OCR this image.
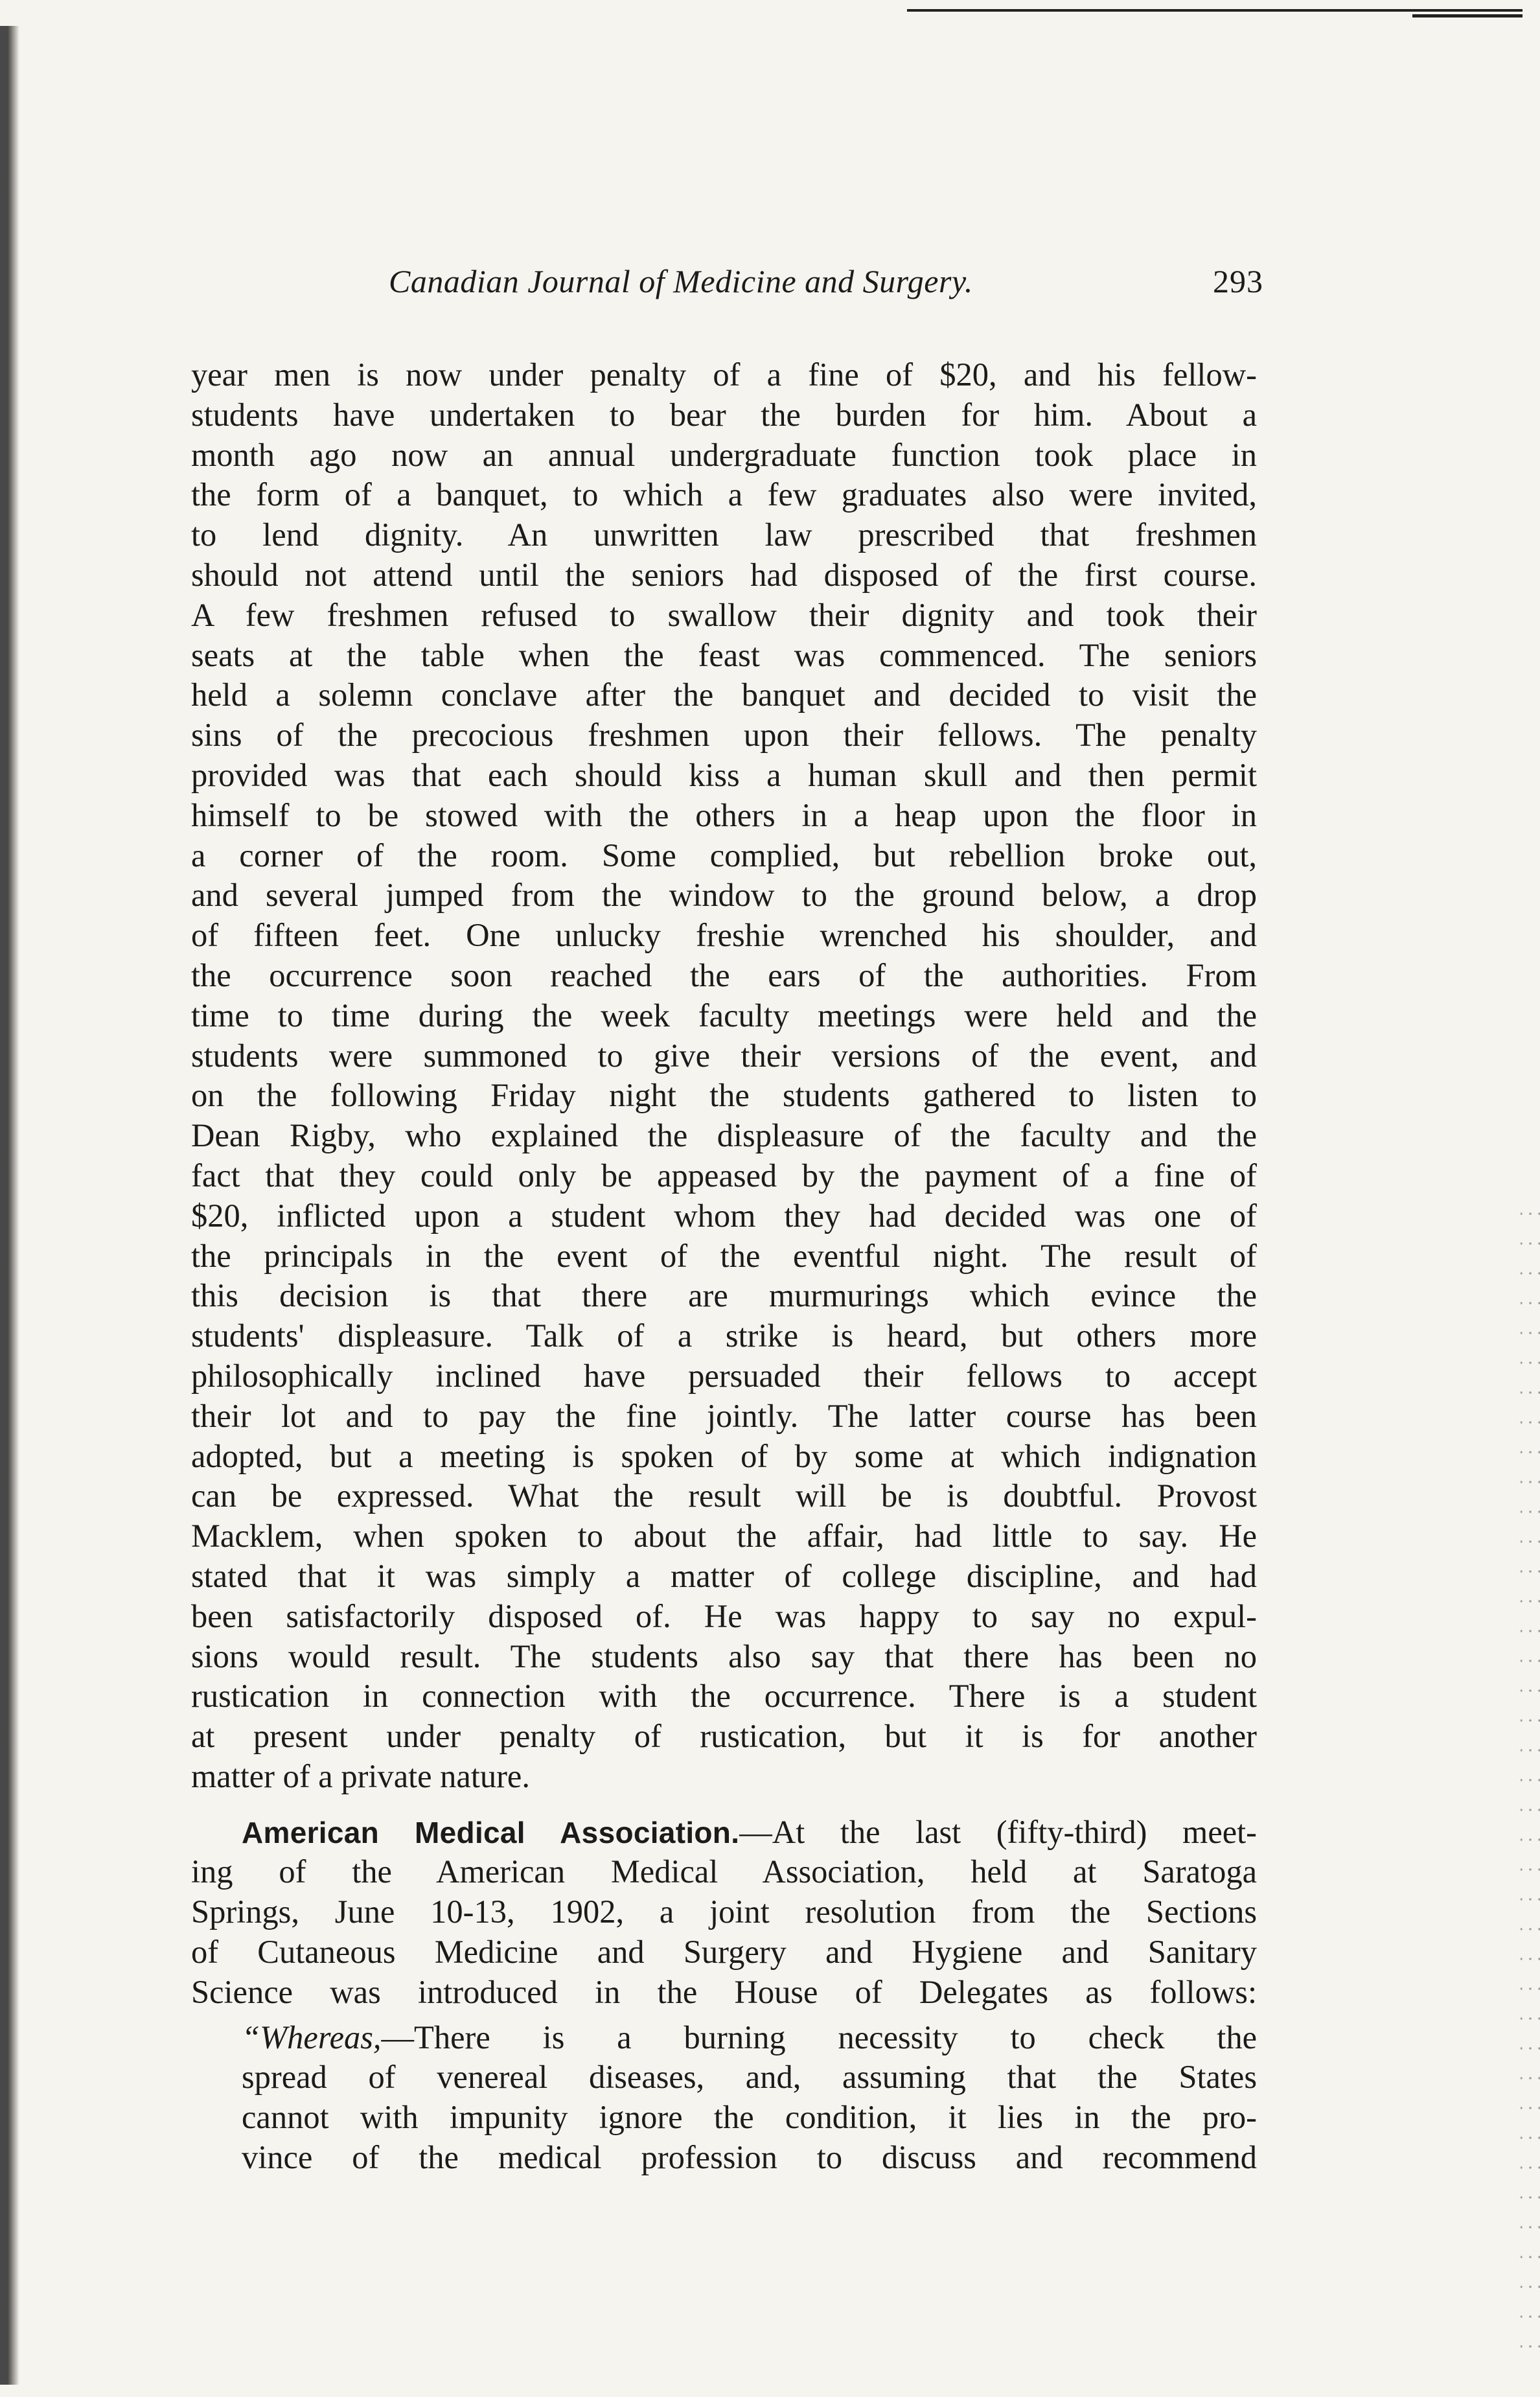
Canadian Journal of Medicine and Surgery.	293
year men is now under penalty of a fine of $20, and his fellow-
students have undertaken to bear the burden for him. About a
month ago now an annual undergraduate function took place in
the form of a banquet, to which a few graduates also were invited,
to lend dignity. An unwritten law prescribed that freshmen
should not attend until the seniors had disposed of the first course.
A few freshmen refused to swallow their dignity and took their
seats at the table when the feast was commenced. The seniors
held a solemn conclave after the banquet and decided to visit the
sins of the precocious freshmen upon their fellows. The penalty
provided was that each should kiss a human skull and then permit
himself to be stowed with the others in a heap upon the floor in
a corner of the room. Some complied, but rebellion broke out,
and several jumped from the window to the ground below, a drop
of fifteen feet. One unlucky freshie wrenched his shoulder, and
the occurrence soon reached the ears of the authorities. From
time to time during the week faculty meetings were held and the
students were summoned to give their versions of the event, and
on the following Friday night the students gathered to listen to
Dean Rigby, who explained the displeasure of the faculty and the
fact that they could only be appeased by the payment of a fine of
$20, inflicted upon a student whom they had decided was one of
the principals in the event of the eventful night. The result of
this decision is that there are murmurings which evince the
students' displeasure. Talk of a strike is heard, but others more
philosophically inclined have persuaded their fellows to accept
their lot and to pay the fine jointly. The latter course has been
adopted, but a meeting is spoken of by some at which indignation
can be expressed. What the result will be is doubtful. Provost
Macklem, when spoken to about the affair, had little to say. He
stated that it was simply a matter of college discipline, and had
been satisfactorily disposed of. He was happy to say no expul-
sions would result. The students also say that there has been no
rustication in connection with the occurrence. There is a student
at present under penalty of rustication, but it is for another
matter of a private nature.
American Medical Association.—At the last (fifty-third) meet-
ing of the American Medical Association, held at Saratoga
Springs, June 10-13, 1902, a joint resolution from the Sections
of Cutaneous Medicine and Surgery and Hygiene and Sanitary
Science was introduced in the House of Delegates as follows:
“Whereas,—There is a burning necessity to check the
spread of venereal diseases, and, assuming that the States
cannot with impunity ignore the condition, it lies in the pro-
vince of the medical profession to discuss and recommend
